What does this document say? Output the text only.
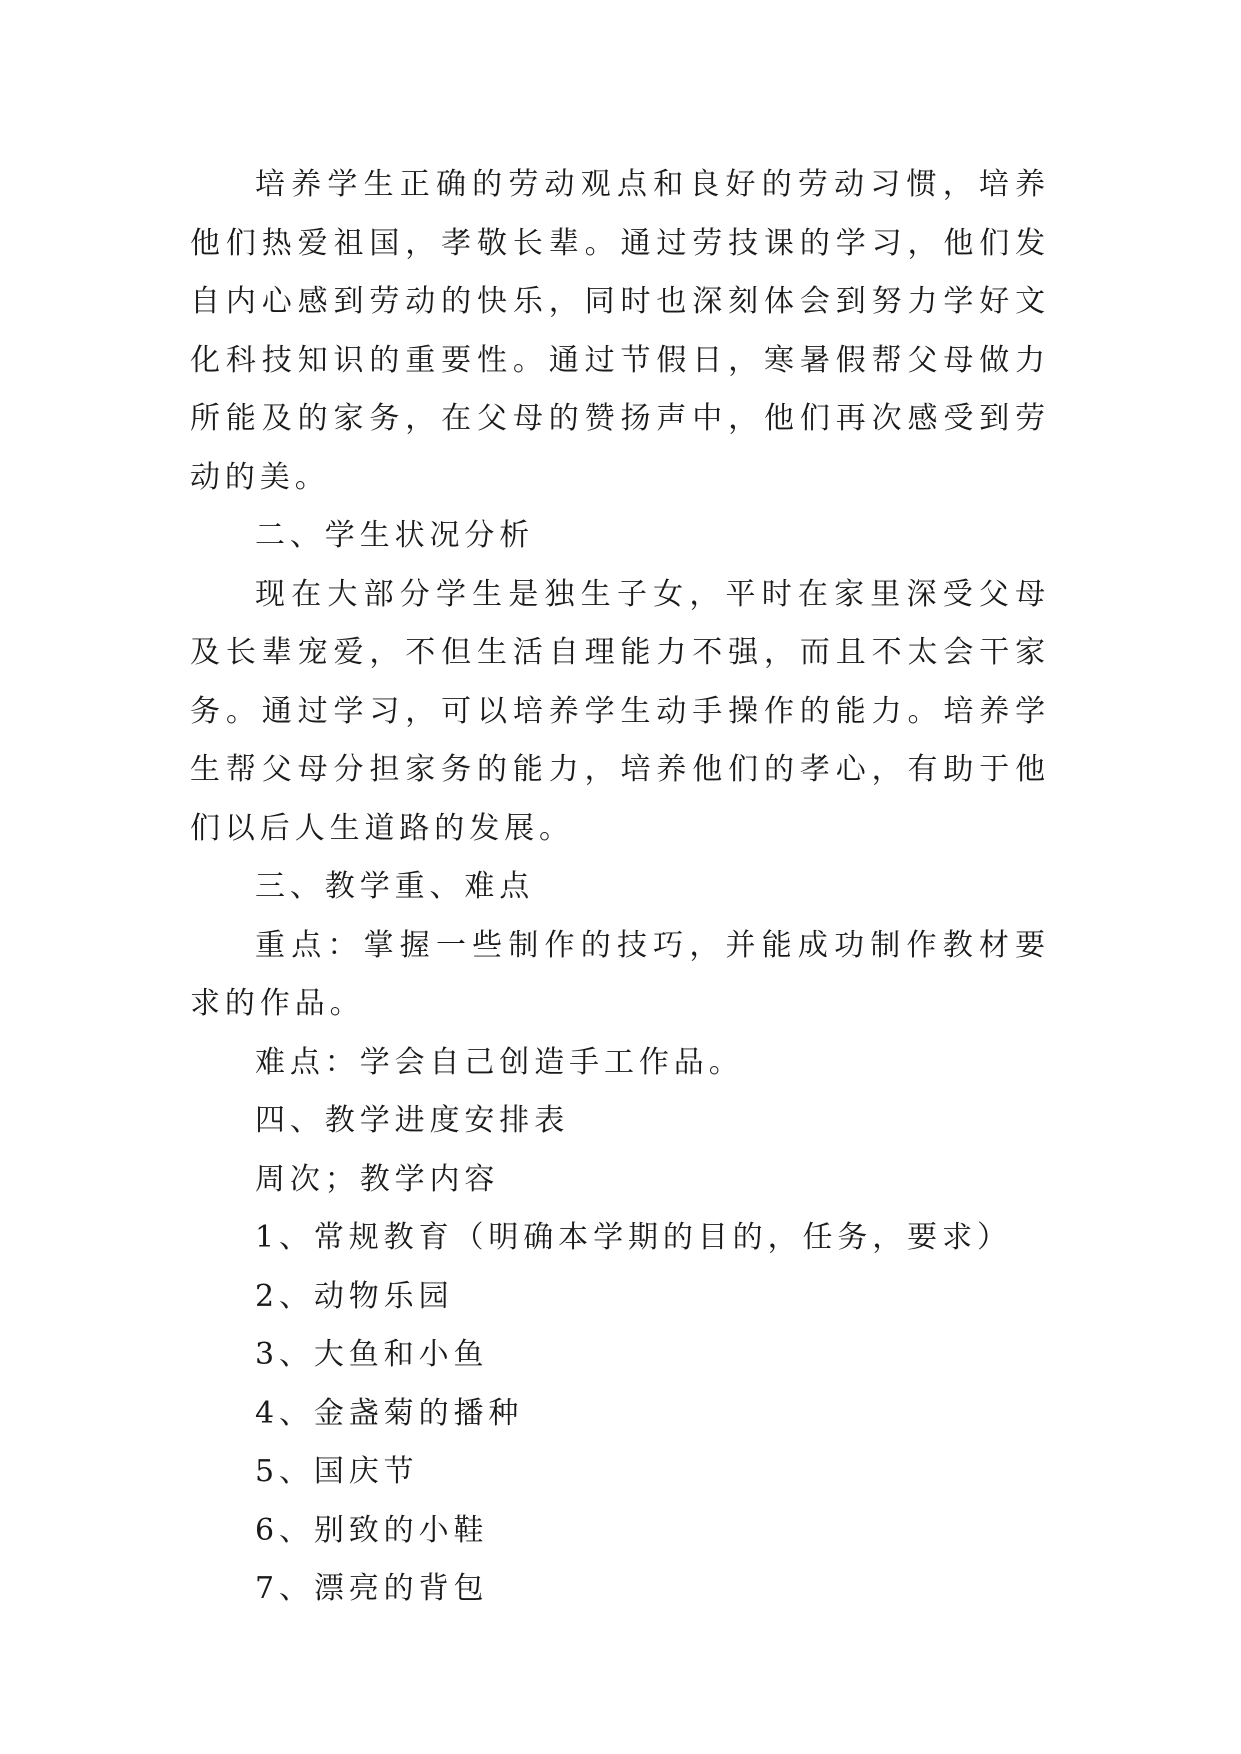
培养学生正确的劳动观点和良好的劳动习惯，培养他们热爱祖国，孝敬长辈。通过劳技课的学习，他们发自内心感到劳动的快乐，同时也深刻体会到努力学好文化科技知识的重要性。通过节假日，寒暑假帮父母做力所能及的家务，在父母的赞扬声中，他们再次感受到劳动的美。

二、学生状况分析

现在大部分学生是独生子女，平时在家里深受父母及长辈宠爱，不但生活自理能力不强，而且不太会干家务。通过学习，可以培养学生动手操作的能力。培养学生帮父母分担家务的能力，培养他们的孝心，有助于他们以后人生道路的发展。

三、教学重、难点

重点：掌握一些制作的技巧，并能成功制作教材要求的作品。

难点：学会自己创造手工作品。

四、教学进度安排表

周次；教学内容

1、常规教育（明确本学期的目的，任务，要求）

2、动物乐园

3、大鱼和小鱼

4、金盏菊的播种

5、国庆节

6、别致的小鞋

7、漂亮的背包
